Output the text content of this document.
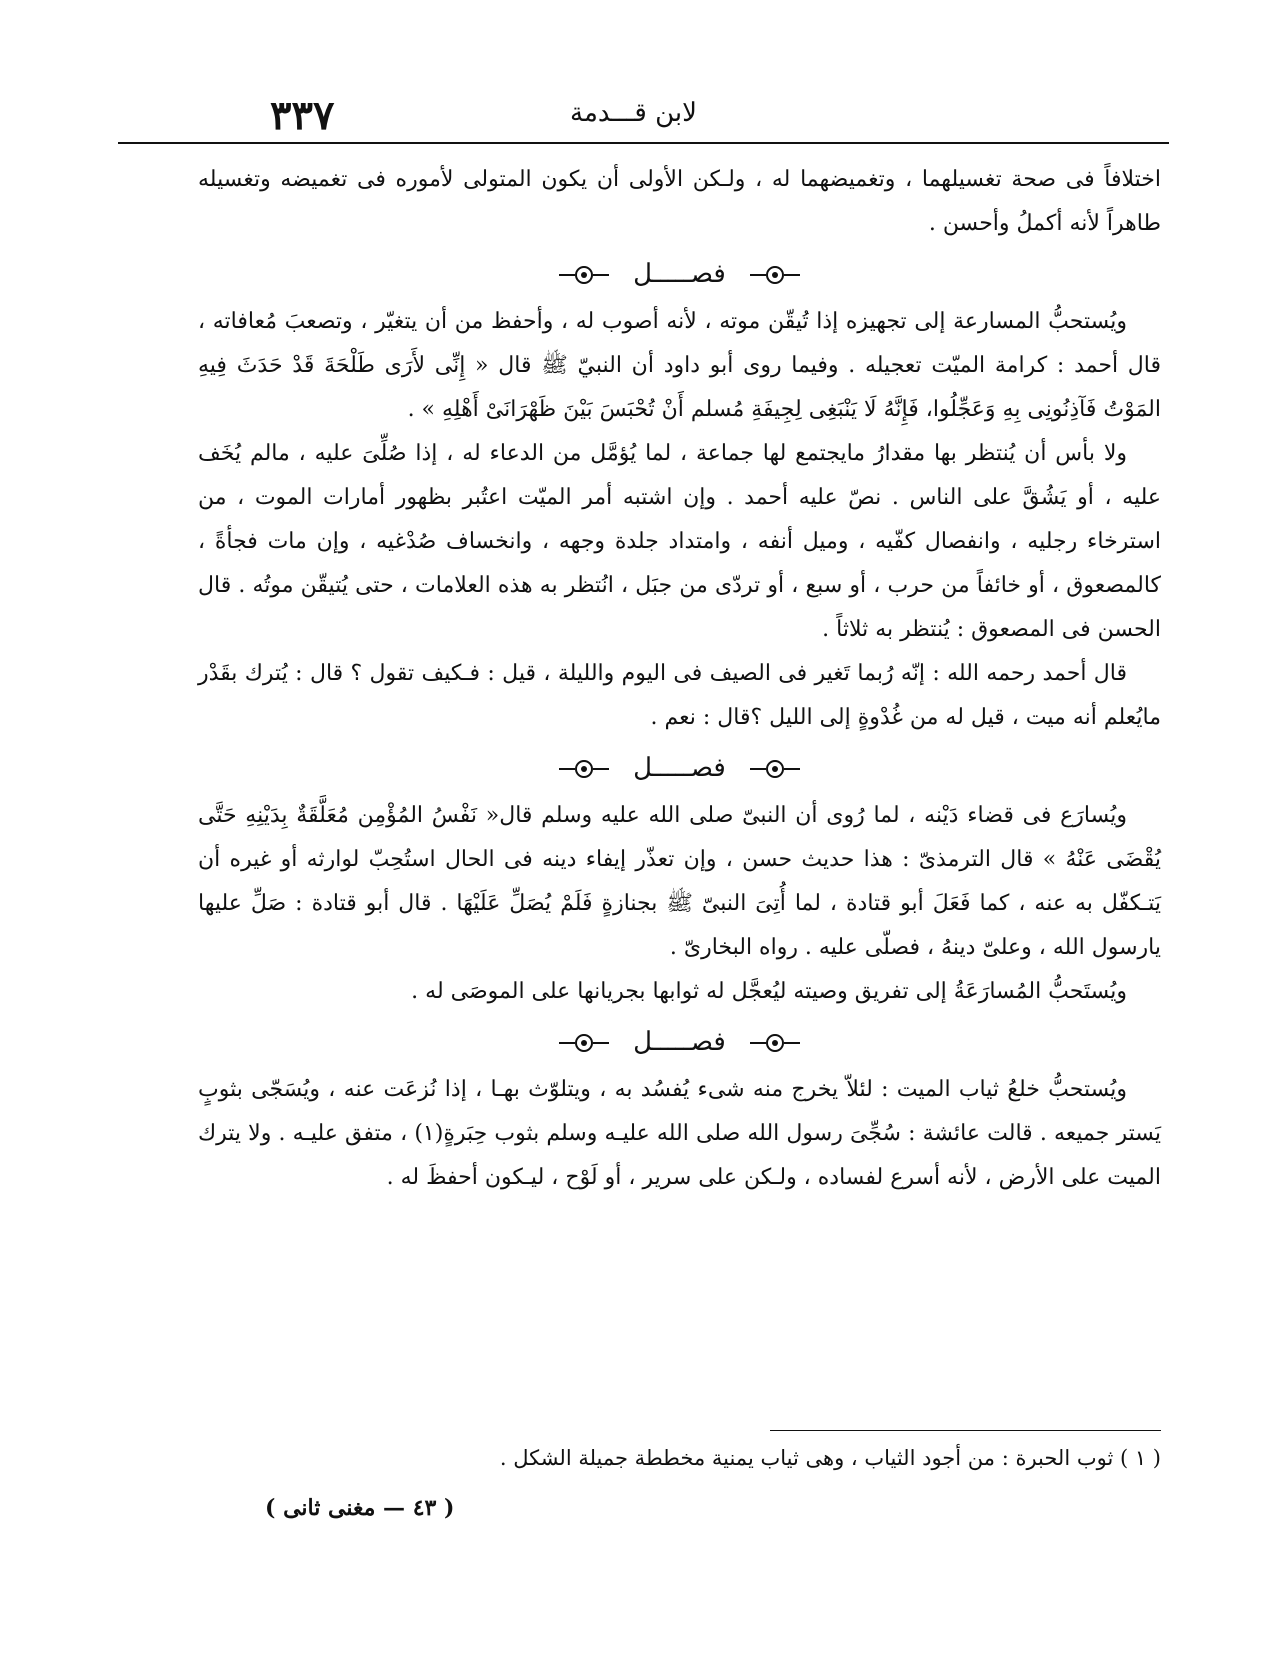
٣٣٧	لابن قـــدمة

اختلافاً فى صحة تغسيلهما ، وتغميضهما له ، ولـكن الأولى أن يكون المتولى لأموره فى تغميضه وتغسيله طاهراً لأنه أكملُ وأحسن .

فصـــــل

ويُستحبُّ المسارعة إلى تجهيزه إذا تُيقّن موته ، لأنه أصوب له ، وأحفظ من أن يتغيّر ، وتصعبَ مُعافاته ، قال أحمد : كرامة الميّت تعجيله . وفيما روى أبو داود أن النبيّ ﷺ قال « إِنِّى لأَرَى طَلْحَةَ قَدْ حَدَثَ فِيهِ المَوْتُ فَآذِنُونِى بِهِ وَعَجِّلُوا، فَإِنَّهُ لَا يَنْبَغِى لِجِيفَةِ مُسلم أَنْ تُحْبَسَ بَيْنَ ظَهْرَانَىْ أَهْلِهِ » .

ولا بأس أن يُنتظر بها مقدارُ مايجتمع لها جماعة ، لما يُؤمَّل من الدعاء له ، إذا صُلِّىَ عليه ، مالم يُخَف عليه ، أو يَشُقَّ على الناس . نصّ عليه أحمد . وإن اشتبه أمر الميّت اعتُبر بظهور أمارات الموت ، من استرخاء رجليه ، وانفصال كفّيه ، وميل أنفه ، وامتداد جلدة وجهه ، وانخساف صُدْغيه ، وإن مات فجأةً ، كالمصعوق ، أو خائفاً من حرب ، أو سبع ، أو تردّى من جبَل ، انُتظر به هذه العلامات ، حتى يُتيقّن موتُه . قال الحسن فى المصعوق : يُنتظر به ثلاثاً .

قال أحمد رحمه الله : إنّه رُبما تَغير فى الصيف فى اليوم والليلة ، قيل : فـكيف تقول ؟ قال : يُترك بقَدْر مايُعلم أنه ميت ، قيل له من غُدْوةٍ إلى الليل ؟قال : نعم .

فصـــــل

ويُسارَع فى قضاء دَيْنه ، لما رُوى أن النبىّ صلى الله عليه وسلم قال« نَفْسُ المُؤْمِن مُعَلَّقَةٌ بِدَيْنِهِ حَتَّى يُقْضَى عَنْهُ » قال الترمذىّ : هذا حديث حسن ، وإن تعذّر إيفاء دينه فى الحال استُحِبّ لوارثه أو غيره أن يَتـكفّل به عنه ، كما فَعَلَ أبو قتادة ، لما أُتِىَ النبىّ ﷺ بجنازةٍ فَلَمْ يُصَلِّ عَلَيْهَا . قال أبو قتادة : صَلِّ عليها يارسول الله ، وعلىّ دينهُ ، فصلّى عليه . رواه البخارىّ .

ويُستَحبُّ المُسارَعَةُ إلى تفريق وصيته ليُعجَّل له ثوابها بجريانها على الموصَى له .

فصـــــل

ويُستحبُّ خلعُ ثياب الميت : لئلاّ يخرج منه شىء يُفسُد به ، ويتلوّث بهـا ، إذا نُزعَت عنه ، ويُسَجّى بثوبٍ يَستر جميعه . قالت عائشة : سُجِّىَ رسول الله صلى الله عليـه وسلم بثوب حِبَرةٍ(١) ، متفق عليـه . ولا يترك الميت على الأرض ، لأنه أسرع لفساده ، ولـكن على سرير ، أو لَوْح ، ليـكون أحفظَ له .

( ١ ) ثوب الحبرة : من أجود الثياب ، وهى ثياب يمنية مخططة جميلة الشكل .
( ٤٣ — مغنى ثانى )
